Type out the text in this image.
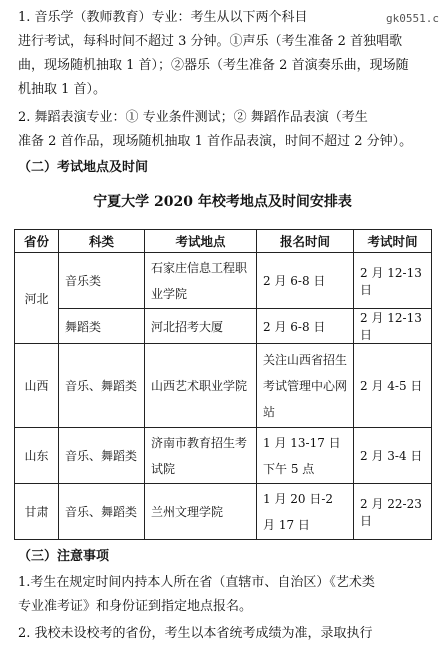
gk0551.c
1. 音乐学（教师教育）专业：考生从以下两个科目
进行考试，每科时间不超过 3 分钟。①声乐（考生准备 2 首独唱歌
曲，现场随机抽取 1 首）；②器乐（考生准备 2 首演奏乐曲，现场随
机抽取 1 首）。
2. 舞蹈表演专业：① 专业条件测试；② 舞蹈作品表演（考生
准备 2 首作品，现场随机抽取 1 首作品表演，时间不超过 2 分钟）。
（二）考试地点及时间
宁夏大学 2020 年校考地点及时间安排表
省份	科类	考试地点	报名时间	考试时间
河北	音乐类	石家庄信息工程职业学院	2 月 6-8 日	2 月 12-13 日
	舞蹈类	河北招考大厦	2 月 6-8 日	2 月 12-13 日
山西	音乐、舞蹈类	山西艺术职业学院	关注山西省招生考试管理中心网站	2 月 4-5 日
山东	音乐、舞蹈类	济南市教育招生考试院	1 月 13-17 日下午 5 点	2 月 3-4 日
甘肃	音乐、舞蹈类	兰州文理学院	1 月 20 日-2 月 17 日	2 月 22-23 日
（三）注意事项
1.考生在规定时间内持本人所在省（直辖市、自治区）《艺术类
专业准考证》和身份证到指定地点报名。
2. 我校未设校考的省份，考生以本省统考成绩为准，录取执行
